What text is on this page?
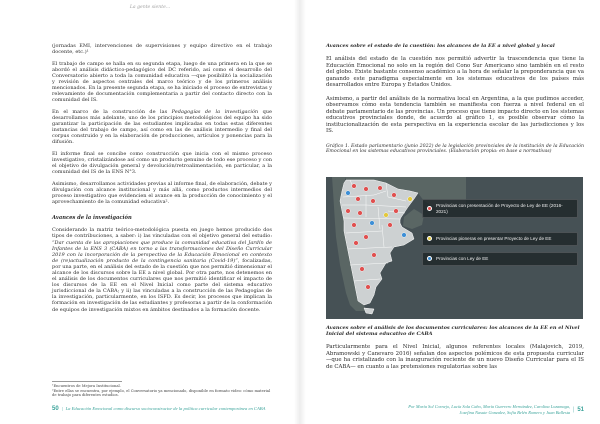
La gente siente...

(jornadas EMI, intervenciones de supervisiones y equipo directivo en el trabajo docente, etc.)¹

El trabajo de campo se halla en su segunda etapa, luego de una primera en la que se abordó el análisis didáctico-pedagógico del DC referido, así como el desarrollo del Conversatorio abierto a toda la comunidad educativa —que posibilitó la socialización y revisión de aspectos centrales del marco teórico y de los primeros análisis mencionados. En la presente segunda etapa, se ha iniciado el proceso de entrevistas y relevamiento de documentación complementaria a partir del contacto directo con la comunidad del IS.

En el marco de la construcción de las Pedagogías de la investigación que desarrollamos más adelante, uno de los principios metodológicos del equipo ha sido garantizar la participación de las estudiantes implicadas en todas estas diferentes instancias del trabajo de campo, así como en las de análisis intermedio y final del corpus construido y en la elaboración de producciones, artículos y ponencias para la difusión.

El informe final se concibe como construcción que inicia con el mismo proceso investigativo, cristalizándose así como un producto genuino de todo ese proceso y con el objetivo de divulgación general y devolución/retroalimentación, en particular, a la comunidad del IS de la ENS N°3.

Asimismo, desarrollamos actividades previas al informe final, de elaboración, debate y divulgación con alcance institucional y más allá, como productos intermedios del proceso investigativo que evidencien el avance en la producción de conocimiento y el aprovechamiento de la comunidad educativa².

Avances de la investigación

Considerando la matriz teórico-metodológica puesta en juego hemos producido dos tipos de contribuciones, a saber: i) las vinculadas con el objetivo general del estudio: “Dar cuenta de las apropiaciones que produce la comunidad educativa del Jardín de Infantes de la ENS 3 (CABA) en torno a las transformaciones del Diseño Curricular 2019 con la incorporación de la perspectiva de la Educación Emocional en contexto de (re)actualización producto de la contingencia sanitaria (Covid-19)”, focalizadas, por una parte, en el análisis del estado de la cuestión que nos permitió dimensionar el alcance de los discursos sobre la EE a nivel global. Por otra parte, nos detenemos en el análisis de los documentos curriculares que nos permitió identificar el impacto de los discursos de la EE en el Nivel Inicial como parte del sistema educativo jurisdiccional de la CABA; y ii) las vinculadas a la construcción de las Pedagogías de la investigación, particularmente, en los ISFD. Es decir, los procesos que implican la formación en investigación de las estudiantes y profesoras a partir de la conformación de equipos de investigación mixtos en ámbitos destinados a la formación docente.

¹Encuentros de Mejora Institucional.

²Entre ellas se encuentra, por ejemplo, el Conversatorio ya mencionado, disponible en formato video: cómo material de trabajo para diferentes estudios.

50 | La Educación Emocional como discurso socioconstructor de la política curricular contemporánea en CABA
Avances sobre el estado de la cuestión: los alcances de la EE a nivel global y local

El análisis del estado de la cuestión nos permitió advertir la trascendencia que tiene la Educación Emocional no solo en la región del Cono Sur Americano sino también en el resto del globo. Existe bastante consenso académico a la hora de señalar la preponderancia que va ganando este paradigma especialmente en los sistemas educativos de los países más desarrollados entre Europa y Estados Unidos.

Asimismo, a partir del análisis de la normativa local en Argentina, a la que pudimos acceder, observamos cómo esta tendencia también se manifiesta con fuerza a nivel federal en el debate parlamentario de las provincias. Un proceso que tiene impacto directo en los sistemas educativos provinciales donde, de acuerdo al gráfico 1, es posible observar cómo la institucionalización de esta perspectiva en la experiencia escolar de las jurisdicciones y los IS.

Gráfico 1. Estado parlamentario (junio 2022) de la legislación provinciales de la institución de la Educación Emocional en los sistemas educativos provinciales. (Elaboración propia: en base a normativas)

Provincias con presentación de Proyecto de Ley de EE (2016-2021)
Provincias pioneras en presentar Proyecto de Ley de EE
Provincias con Ley de EE
Avances sobre el análisis de los documentos curriculares: los alcances de la EE en el Nivel Inicial del sistema educativo de CABA

Particularmente para el Nivel Inicial, algunos referentes locales (Malajovich, 2019, Abramowski y Canevaro 2016) señalan dos aspectos polémicos de esta propuesta curricular —que ha cristalizado con la inauguración reciente de un nuevo Diseño Curricular para el IS de CABA— en cuanto a las pretensiones regulatorias sobre las

Por María Sol Cornejo, Lucía Sola Cabo, María Guerrero Hernández, Carolina Lozamaga,
Josefina Nasute Gonzalez, Sofía Belén Romero y Juan Ballesta | 51
